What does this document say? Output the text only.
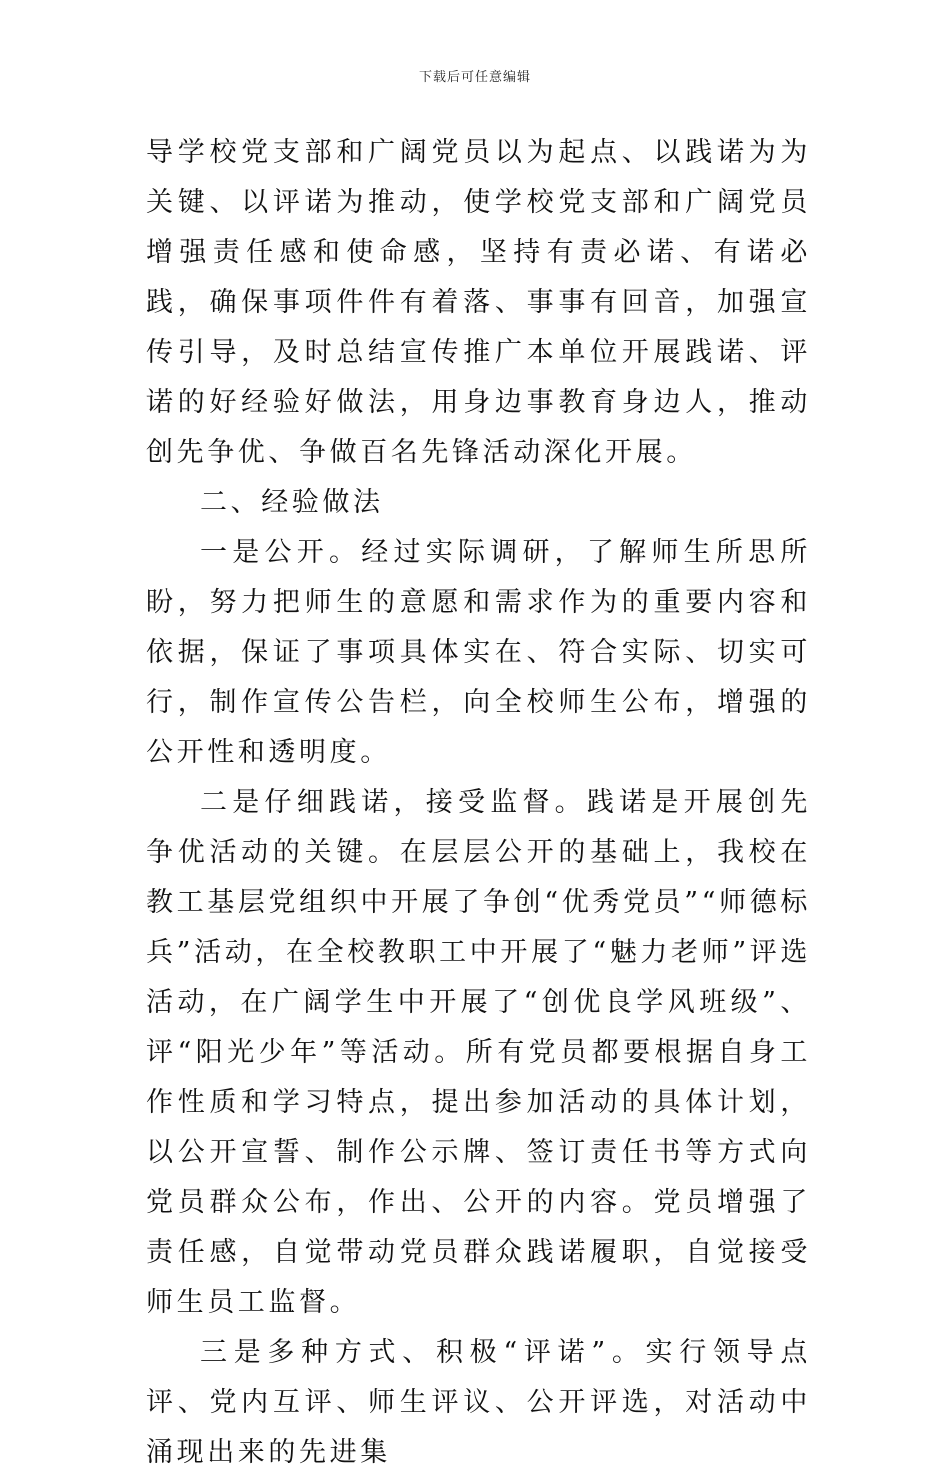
下载后可任意编辑

导学校党支部和广阔党员以为起点、以践诺为为关键、以评诺为推动，使学校党支部和广阔党员增强责任感和使命感，坚持有责必诺、有诺必践，确保事项件件有着落、事事有回音，加强宣传引导，及时总结宣传推广本单位开展践诺、评诺的好经验好做法，用身边事教育身边人，推动创先争优、争做百名先锋活动深化开展。

二、经验做法

一是公开。经过实际调研，了解师生所思所盼，努力把师生的意愿和需求作为的重要内容和依据，保证了事项具体实在、符合实际、切实可行，制作宣传公告栏，向全校师生公布，增强的公开性和透明度。

二是仔细践诺，接受监督。践诺是开展创先争优活动的关键。在层层公开的基础上，我校在教工基层党组织中开展了争创“优秀党员”“师德标兵”活动，在全校教职工中开展了“魅力老师”评选活动，在广阔学生中开展了“创优良学风班级”、评“阳光少年”等活动。所有党员都要根据自身工作性质和学习特点，提出参加活动的具体计划，以公开宣誓、制作公示牌、签订责任书等方式向党员群众公布，作出、公开的内容。党员增强了责任感，自觉带动党员群众践诺履职，自觉接受师生员工监督。

三是多种方式、积极“评诺”。实行领导点评、党内互评、师生评议、公开评选，对活动中涌现出来的先进集
